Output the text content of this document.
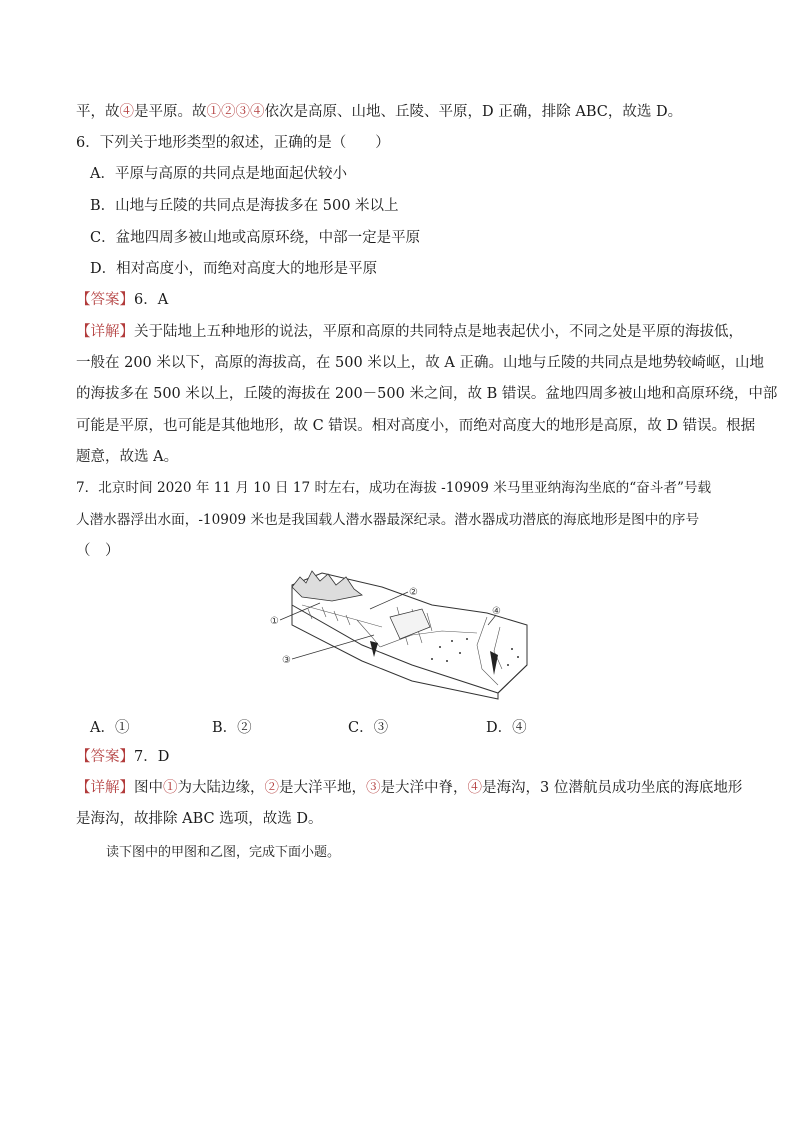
平，故④是平原。故①②③④依次是高原、山地、丘陵、平原，D 正确，排除 ABC，故选 D。
6．下列关于地形类型的叙述，正确的是（　　）
A．平原与高原的共同点是地面起伏较小
B．山地与丘陵的共同点是海拔多在 500 米以上
C．盆地四周多被山地或高原环绕，中部一定是平原
D．相对高度小，而绝对高度大的地形是平原
【答案】6．A
【详解】关于陆地上五种地形的说法，平原和高原的共同特点是地表起伏小，不同之处是平原的海拔低，
一般在 200 米以下，高原的海拔高，在 500 米以上，故 A 正确。山地与丘陵的共同点是地势较崎岖，山地
的海拔多在 500 米以上，丘陵的海拔在 200－500 米之间，故 B 错误。盆地四周多被山地和高原环绕，中部
可能是平原，也可能是其他地形，故 C 错误。相对高度小，而绝对高度大的地形是高原，故 D 错误。根据
题意，故选 A。
7．北京时间 2020 年 11 月 10 日 17 时左右，成功在海拔 -10909 米马里亚纳海沟坐底的“奋斗者”号载
人潜水器浮出水面，-10909 米也是我国载人潜水器最深纪录。潜水器成功潜底的海底地形是图中的序号
（　）
①
②
③
④
A．①	B．②	C．③	D．④
【答案】7．D
【详解】图中①为大陆边缘，②是大洋平地，③是大洋中脊，④是海沟，3 位潜航员成功坐底的海底地形
是海沟，故排除 ABC 选项，故选 D。
读下图中的甲图和乙图，完成下面小题。
